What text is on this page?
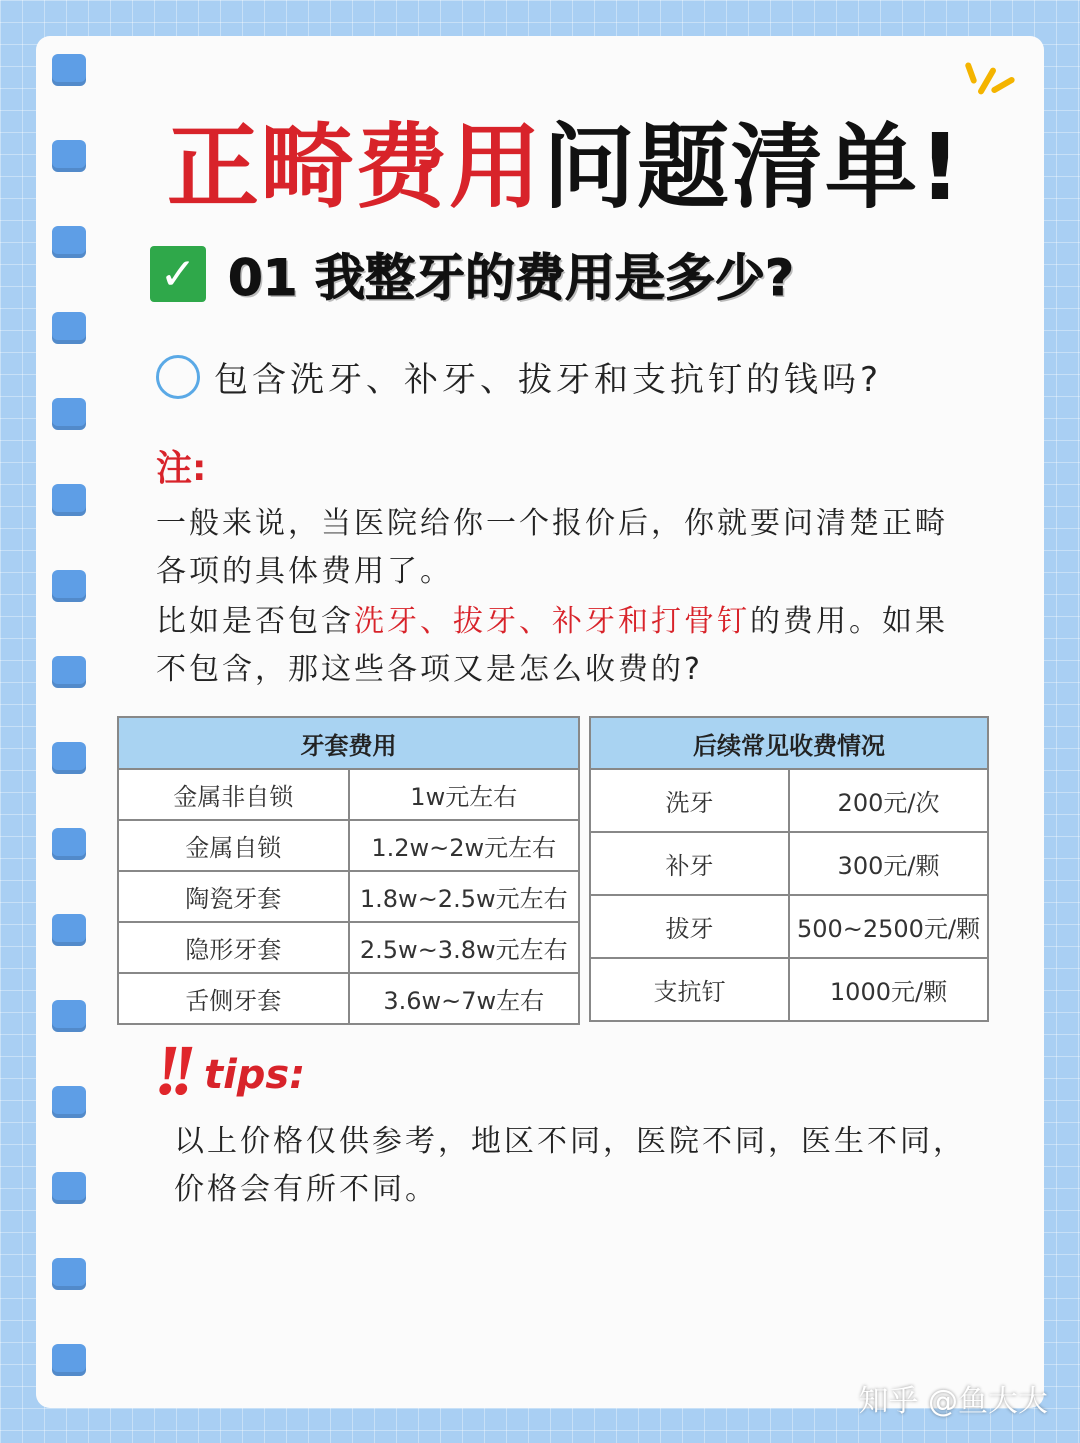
正畸费用问题清单!
✓ 01 我整牙的费用是多少?
包含洗牙、补牙、拔牙和支抗钉的钱吗?
注:
一般来说，当医院给你一个报价后，你就要问清楚正畸各项的具体费用了。
比如是否包含洗牙、拔牙、补牙和打骨钉的费用。如果不包含，那这些各项又是怎么收费的?
牙套费用	
金属非自锁	1w元左右
金属自锁	1.2w~2w元左右
陶瓷牙套	1.8w~2.5w元左右
隐形牙套	2.5w~3.8w元左右
舌侧牙套	3.6w~7w左右
后续常见收费情况	
洗牙	200元/次
补牙	300元/颗
拔牙	500~2500元/颗
支抗钉	1000元/颗
!! tips:
以上价格仅供参考，地区不同，医院不同，医生不同，价格会有所不同。
知乎 @鱼大大
